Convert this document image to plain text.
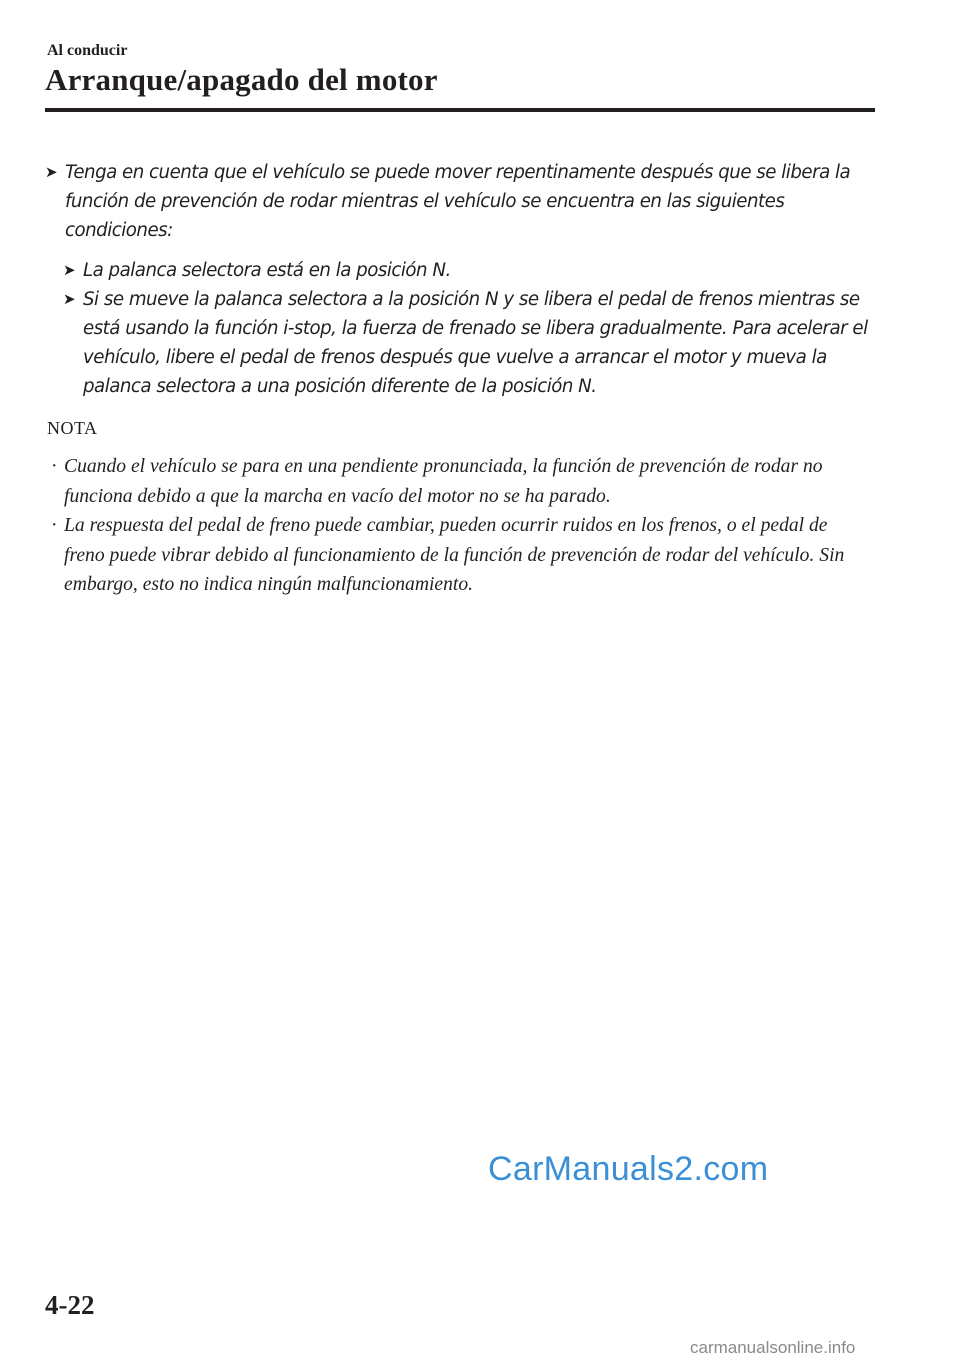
Al conducir
Arranque/apagado del motor
➤ Tenga en cuenta que el vehículo se puede mover repentinamente después que se libera la función de prevención de rodar mientras el vehículo se encuentra en las siguientes condiciones:
➤ La palanca selectora está en la posición N.
➤ Si se mueve la palanca selectora a la posición N y se libera el pedal de frenos mientras se está usando la función i-stop, la fuerza de frenado se libera gradualmente. Para acelerar el vehículo, libere el pedal de frenos después que vuelve a arrancar el motor y mueva la palanca selectora a una posición diferente de la posición N.
NOTA
· Cuando el vehículo se para en una pendiente pronunciada, la función de prevención de rodar no funciona debido a que la marcha en vacío del motor no se ha parado.
· La respuesta del pedal de freno puede cambiar, pueden ocurrir ruidos en los frenos, o el pedal de freno puede vibrar debido al funcionamiento de la función de prevención de rodar del vehículo. Sin embargo, esto no indica ningún malfuncionamiento.
CarManuals2.com
4-22
carmanualsonline.info
